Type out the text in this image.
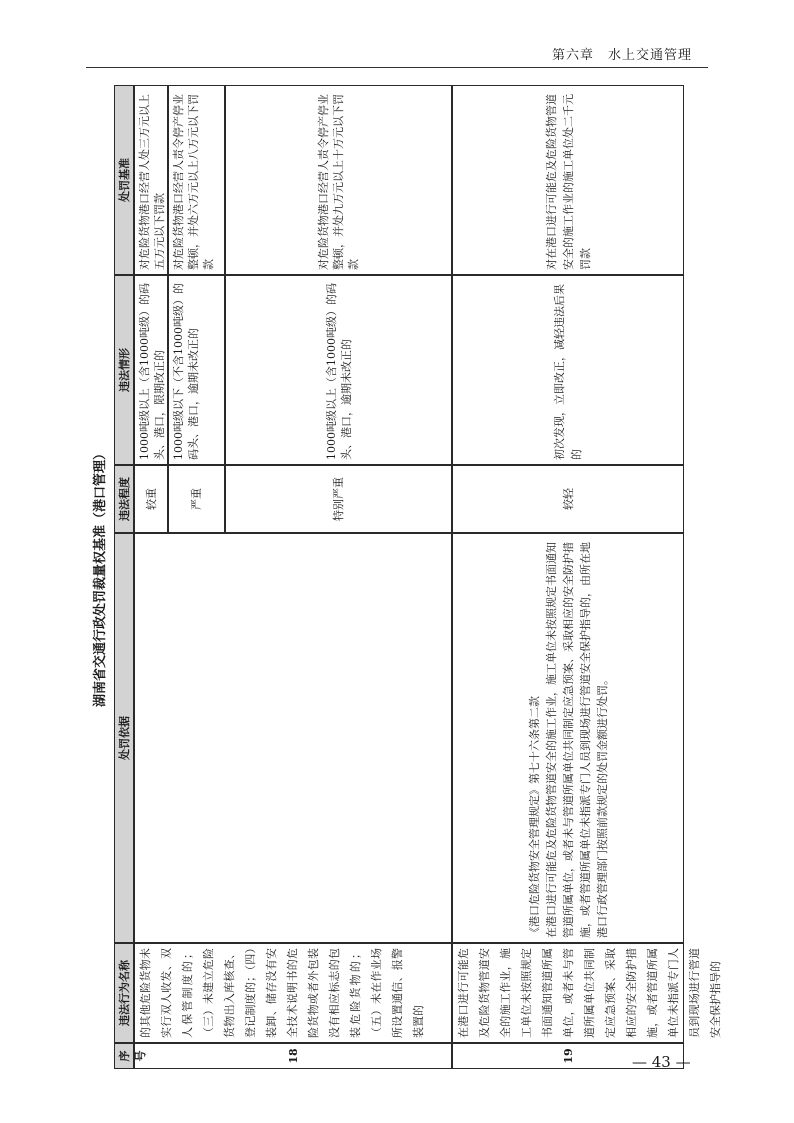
第六章　水上交通管理
湖南省交通行政处罚裁量权基准（港口管理）
序号
违法行为名称
处罚依据
违法程度
违法情形
处罚基准
18
的其他危险货物未实行双人收发、双人保管制度的；（三）未建立危险货物出入库核查、登记制度的；（四）装卸、储存没有安全技术说明书的危险货物或者外包装没有相应标志的包装危险货物的；（五）未在作业场所设置通信、报警装置的
较重
1000吨级以上（含1000吨级）的码头、港口，限期改正的
对危险货物港口经营人处三万元以上五万元以下罚款
严重
1000吨级以下（不含1000吨级）的码头、港口，逾期未改正的
对危险货物港口经营人责令停产停业整顿，并处六万元以上八万元以下罚款
特别严重
1000吨级以上（含1000吨级）的码头、港口，逾期未改正的
对危险货物港口经营人责令停产停业整顿，并处九万元以上十万元以下罚款
19
在港口进行可能危及危险货物管道安全的施工作业，施工单位未按照规定书面通知管道所属单位，或者未与管道所属单位共同制定应急预案、采取相应的安全防护措施，或者管道所属单位未指派专门人员到现场进行管道安全保护指导的
《港口危险货物安全管理规定》第七十六条第二款
在港口进行可能危及危险货物管道安全的施工作业，施工单位未按照规定书面通知管道所属单位，或者未与管道所属单位共同制定应急预案、采取相应的安全防护措施，或者管道所属单位未指派专门人员到现场进行管道安全保护指导的，由所在地港口行政管理部门按照前款规定的处罚金额进行处罚。
较轻
初次发现，立即改正，减轻违法后果的
对在港口进行可能危及危险货物管道安全的施工作业的施工单位处二千元罚款
— 43 —
